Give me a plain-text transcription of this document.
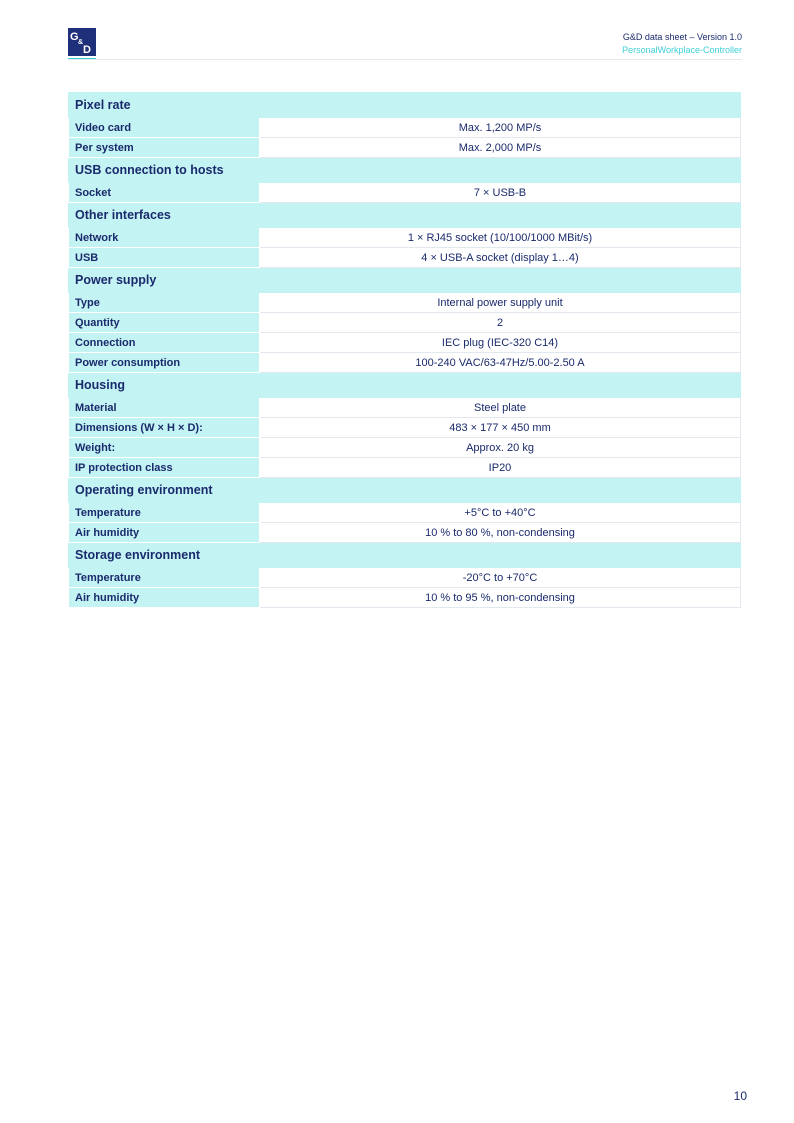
G &
D
G&D data sheet – Version 1.0
PersonalWorkplace-Controller
Pixel rate	
Video card	Max. 1,200 MP/s
Per system	Max. 2,000 MP/s
USB connection to hosts	
Socket	7 × USB-B
Other interfaces	
Network	1 × RJ45 socket (10/100/1000 MBit/s)
USB	4 × USB-A socket (display 1…4)
Power supply	
Type	Internal power supply unit
Quantity	2
Connection	IEC plug (IEC-320 C14)
Power consumption	100-240 VAC/63-47Hz/5.00-2.50 A
Housing	
Material	Steel plate
Dimensions (W × H × D):	483 × 177 × 450 mm
Weight:	Approx. 20 kg
IP protection class	IP20
Operating environment	
Temperature	+5°C to +40°C
Air humidity	10 % to 80 %, non-condensing
Storage environment	
Temperature	-20°C to +70°C
Air humidity	10 % to 95 %, non-condensing
10
